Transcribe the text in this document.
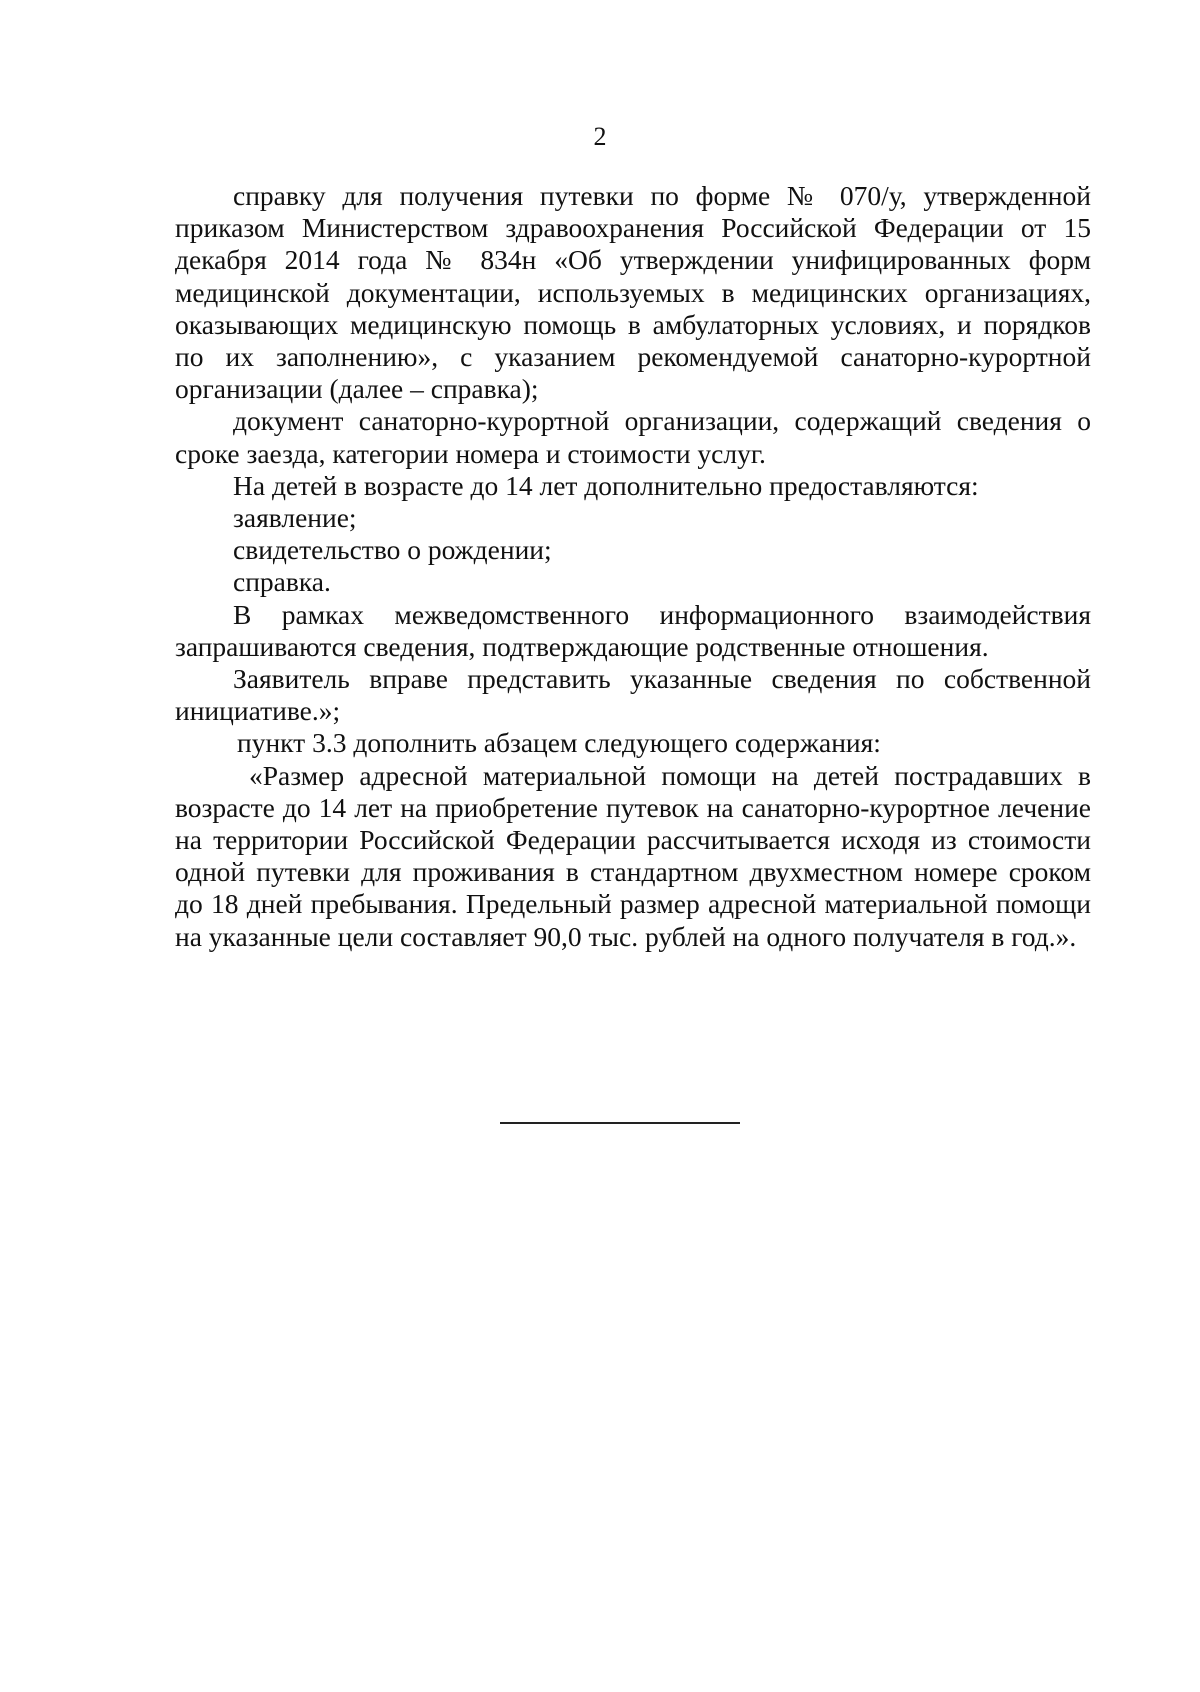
2

справку для получения путевки по форме № 070/у, утвержденной приказом Министерством здравоохранения Российской Федерации от 15 декабря 2014 года № 834н «Об утверждении унифицированных форм медицинской документации, используемых в медицинских организациях, оказывающих медицинскую помощь в амбулаторных условиях, и порядков по их заполнению», с указанием рекомендуемой санаторно-курортной организации (далее – справка);

документ санаторно-курортной организации, содержащий сведения о сроке заезда, категории номера и стоимости услуг.

На детей в возрасте до 14 лет дополнительно предоставляются:

заявление;

свидетельство о рождении;

справка.

В рамках межведомственного информационного взаимодействия запрашиваются сведения, подтверждающие родственные отношения.

Заявитель вправе представить указанные сведения по собственной инициативе.»;

пункт 3.3 дополнить абзацем следующего содержания:

«Размер адресной материальной помощи на детей пострадавших в возрасте до 14 лет на приобретение путевок на санаторно-курортное лечение на территории Российской Федерации рассчитывается исходя из стоимости одной путевки для проживания в стандартном двухместном номере сроком до 18 дней пребывания. Предельный размер адресной материальной помощи на указанные цели составляет 90,0 тыс. рублей на одного получателя в год.».
